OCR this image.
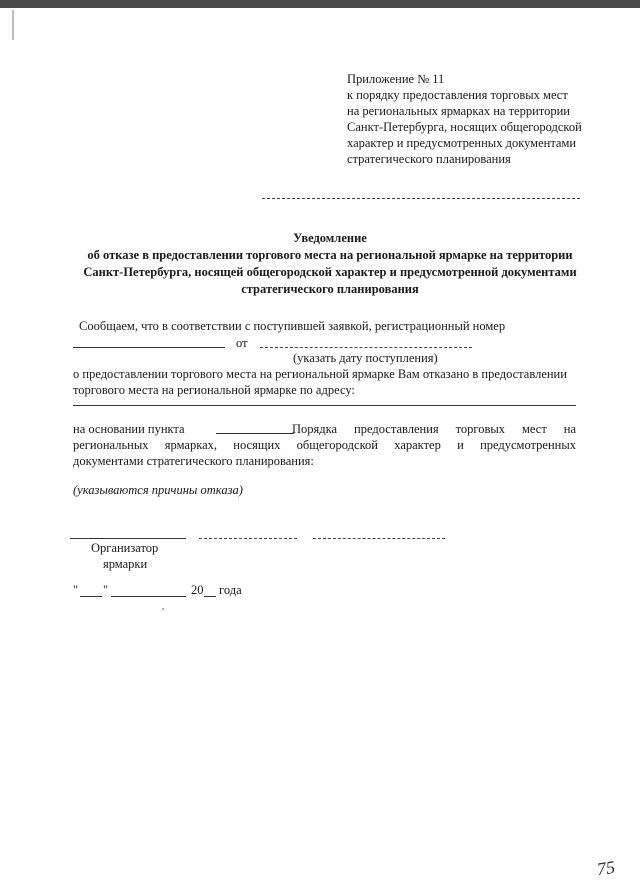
Приложение № 11
к порядку предоставления торговых мест
на региональных ярмарках на территории
Санкт-Петербурга, носящих общегородской
характер и предусмотренных документами
стратегического планирования
Уведомление
об отказе в предоставлении торгового места на региональной ярмарке на территории
Санкт-Петербурга, носящей общегородской характер и предусмотренной документами
стратегического планирования
Сообщаем, что в соответствии с поступившей заявкой, регистрационный номер
от
(указать дату поступления)
о предоставлении торгового места на региональной ярмарке Вам отказано в предоставлении
торгового места на региональной ярмарке по адресу:
на основании пункта	Порядка предоставления торговых мест на
региональных ярмарках, носящих общегородской характер и предусмотренных
документами стратегического планирования:
(указываются причины отказа)
Организатор
ярмарки
" "	20 года
75
